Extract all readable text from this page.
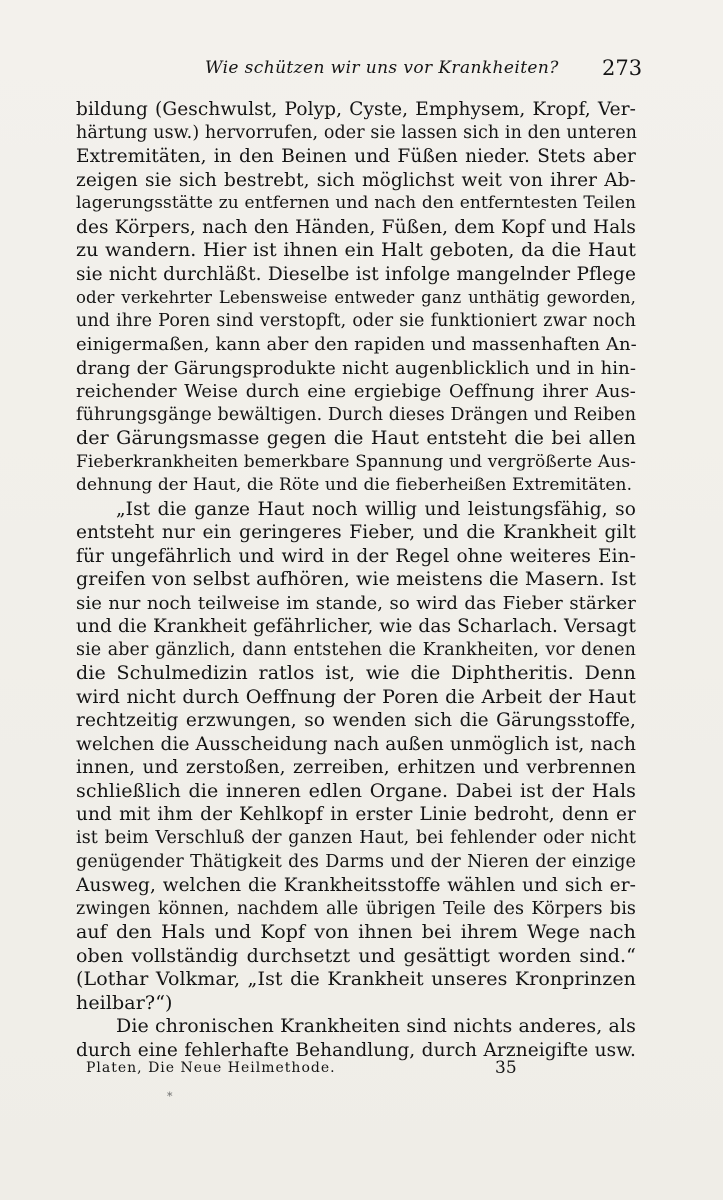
Wie schützen wir uns vor Krankheiten? 273
bildung (Geschwulst, Polyp, Cyste, Emphysem, Kropf, Ver-
härtung usw.) hervorrufen, oder sie lassen sich in den unteren
Extremitäten, in den Beinen und Füßen nieder. Stets aber
zeigen sie sich bestrebt, sich möglichst weit von ihrer Ab-
lagerungsstätte zu entfernen und nach den entferntesten Teilen
des Körpers, nach den Händen, Füßen, dem Kopf und Hals
zu wandern. Hier ist ihnen ein Halt geboten, da die Haut
sie nicht durchläßt. Dieselbe ist infolge mangelnder Pflege
oder verkehrter Lebensweise entweder ganz unthätig geworden,
und ihre Poren sind verstopft, oder sie funktioniert zwar noch
einigermaßen, kann aber den rapiden und massenhaften An-
drang der Gärungsprodukte nicht augenblicklich und in hin-
reichender Weise durch eine ergiebige Oeffnung ihrer Aus-
führungsgänge bewältigen. Durch dieses Drängen und Reiben
der Gärungsmasse gegen die Haut entsteht die bei allen
Fieberkrankheiten bemerkbare Spannung und vergrößerte Aus-
dehnung der Haut, die Röte und die fieberheißen Extremitäten.
„Ist die ganze Haut noch willig und leistungsfähig, so
entsteht nur ein geringeres Fieber, und die Krankheit gilt
für ungefährlich und wird in der Regel ohne weiteres Ein-
greifen von selbst aufhören, wie meistens die Masern. Ist
sie nur noch teilweise im stande, so wird das Fieber stärker
und die Krankheit gefährlicher, wie das Scharlach. Versagt
sie aber gänzlich, dann entstehen die Krankheiten, vor denen
die Schulmedizin ratlos ist, wie die Diphtheritis. Denn
wird nicht durch Oeffnung der Poren die Arbeit der Haut
rechtzeitig erzwungen, so wenden sich die Gärungsstoffe,
welchen die Ausscheidung nach außen unmöglich ist, nach
innen, und zerstoßen, zerreiben, erhitzen und verbrennen
schließlich die inneren edlen Organe. Dabei ist der Hals
und mit ihm der Kehlkopf in erster Linie bedroht, denn er
ist beim Verschluß der ganzen Haut, bei fehlender oder nicht
genügender Thätigkeit des Darms und der Nieren der einzige
Ausweg, welchen die Krankheitsstoffe wählen und sich er-
zwingen können, nachdem alle übrigen Teile des Körpers bis
auf den Hals und Kopf von ihnen bei ihrem Wege nach
oben vollständig durchsetzt und gesättigt worden sind.“
(Lothar Volkmar, „Ist die Krankheit unseres Kronprinzen
heilbar?“)
Die chronischen Krankheiten sind nichts anderes, als
durch eine fehlerhafte Behandlung, durch Arzneigifte usw.
Platen, Die Neue Heilmethode.	35
*
